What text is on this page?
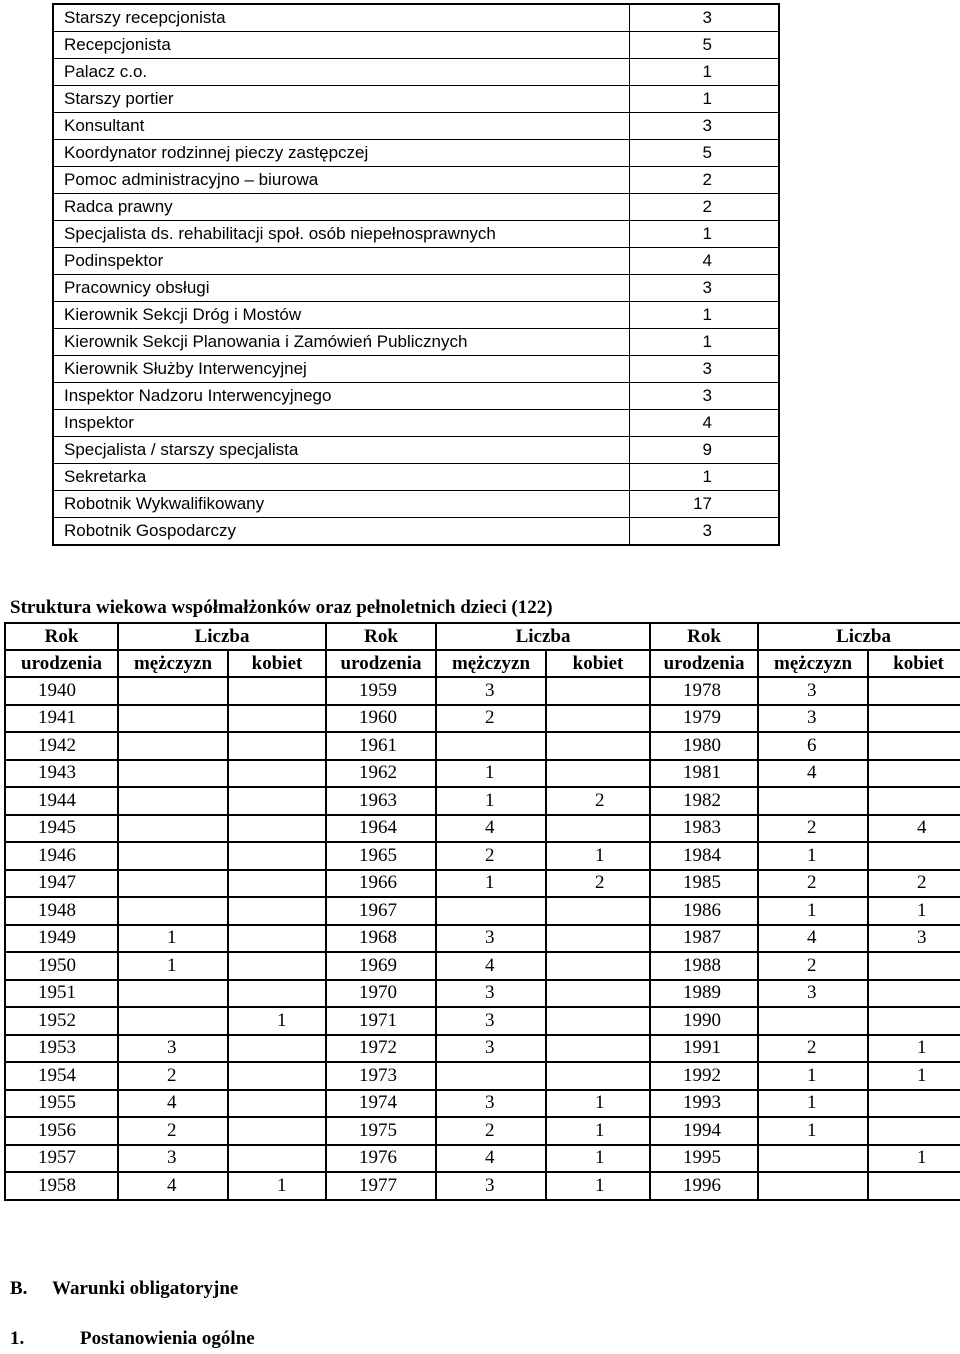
Starszy recepcjonista	3
Recepcjonista	5
Palacz c.o.	1
Starszy portier	1
Konsultant	3
Koordynator rodzinnej pieczy zastępczej	5
Pomoc administracyjno – biurowa	2
Radca prawny	2
Specjalista ds. rehabilitacji społ. osób niepełnosprawnych	1
Podinspektor	4
Pracownicy obsługi	3
Kierownik Sekcji Dróg i Mostów	1
Kierownik Sekcji Planowania i Zamówień Publicznych	1
Kierownik Służby Interwencyjnej	3
Inspektor Nadzoru Interwencyjnego	3
Inspektor	4
Specjalista / starszy specjalista	9
Sekretarka	1
Robotnik Wykwalifikowany	17
Robotnik Gospodarczy	3
Struktura wiekowa współmałżonków oraz pełnoletnich dzieci (122)
Rok	Liczba		Rok	Liczba		Rok	Liczba	
urodzenia	mężczyzn	kobiet	urodzenia	mężczyzn	kobiet	urodzenia	mężczyzn	kobiet
1940			1959	3		1978	3	
1941			1960	2		1979	3	
1942			1961			1980	6	
1943			1962	1		1981	4	
1944			1963	1	2	1982		
1945			1964	4		1983	2	4
1946			1965	2	1	1984	1	
1947			1966	1	2	1985	2	2
1948			1967			1986	1	1
1949	1		1968	3		1987	4	3
1950	1		1969	4		1988	2	
1951			1970	3		1989	3	
1952		1	1971	3		1990		
1953	3		1972	3		1991	2	1
1954	2		1973			1992	1	1
1955	4		1974	3	1	1993	1	
1956	2		1975	2	1	1994	1	
1957	3		1976	4	1	1995		1
1958	4	1	1977	3	1	1996		
B. Warunki obligatoryjne
1.	Postanowienia ogólne
